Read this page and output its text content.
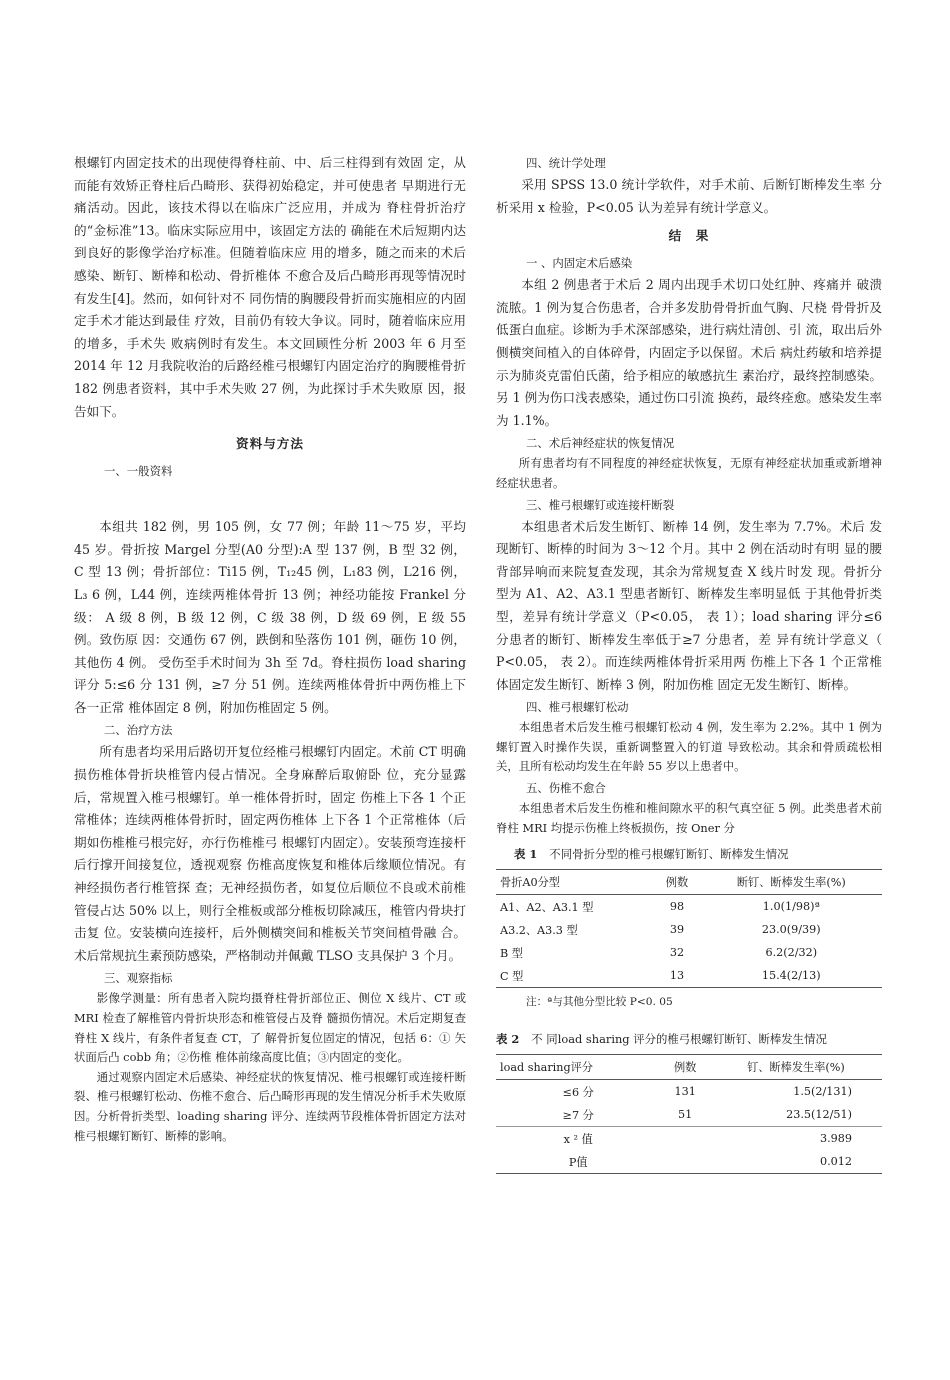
根螺钉内固定技术的出现使得脊柱前、中、后三柱得到有效固 定，从而能有效矫正脊柱后凸畸形、获得初始稳定，并可使患者 早期进行无痛活动。因此，该技术得以在临床广泛应用，并成为 脊柱骨折治疗的“金标准”13。临床实际应用中，该固定方法的 确能在术后短期内达到良好的影像学治疗标准。但随着临床应 用的增多，随之而来的术后感染、断钉、断棒和松动、骨折椎体 不愈合及后凸畸形再现等情况时有发生[4]。然而，如何针对不 同伤情的胸腰段骨折而实施相应的内固定手术才能达到最佳 疗效，目前仍有较大争议。同时，随着临床应用的增多，手术失 败病例时有发生。本文回顾性分析 2003 年 6 月至 2014 年 12 月我院收治的后路经椎弓根螺钉内固定治疗的胸腰椎骨折 182 例患者资料，其中手术失败 27 例，为此探讨手术失败原 因，报告如下。

资料与方法

一、一般资料

本组共 182 例，男 105 例，女 77 例；年龄 11～75 岁，平均 45 岁。骨折按 Margel 分型(A0 分型):A 型 137 例，B 型 32 例， C 型 13 例；骨折部位：Ti15 例，T₁₂45 例，L₁83 例，L216 例，L₃ 6 例，L44 例，连续两椎体骨折 13 例；神经功能按 Frankel 分级： A 级 8 例，B 级 12 例，C 级 38 例，D 级 69 例，E 级 55 例。致伤原 因：交通伤 67 例，跌倒和坠落伤 101 例，砸伤 10 例，其他伤 4 例。 受伤至手术时间为 3h 至 7d。脊柱损伤 load sharing 评分 5:≤6 分 131 例，≥7 分 51 例。连续两椎体骨折中两伤椎上下各一正常 椎体固定 8 例，附加伤椎固定 5 例。

二、治疗方法

所有患者均采用后路切开复位经椎弓根螺钉内固定。术前 CT 明确损伤椎体骨折块椎管内侵占情况。全身麻醉后取俯卧 位，充分显露后，常规置入椎弓根螺钉。单一椎体骨折时，固定 伤椎上下各 1 个正常椎体；连续两椎体骨折时，固定两伤椎体 上下各 1 个正常椎体（后期如伤椎椎弓根完好，亦行伤椎椎弓 根螺钉内固定）。安装预弯连接杆后行撑开间接复位，透视观察 伤椎高度恢复和椎体后缘顺位情况。有神经损伤者行椎管探 查；无神经损伤者，如复位后顺位不良或术前椎管侵占达 50% 以上，则行全椎板或部分椎板切除减压，椎管内骨块打击复 位。安装横向连接杆，后外侧横突间和椎板关节突间植骨融 合。术后常规抗生素预防感染，严格制动并佩戴 TLSO 支具保护 3 个月。

三、观察指标

影像学测量：所有患者入院均摄脊柱骨折部位正、侧位 X 线片、CT 或 MRI 检查了解椎管内骨折块形态和椎管侵占及脊 髓损伤情况。术后定期复查脊柱 X 线片，有条件者复查 CT，了 解骨折复位固定的情况，包括 6：① 矢状面后凸 cobb 角；②伤椎 椎体前缘高度比值；③内固定的变化。

通过观察内固定术后感染、神经症状的恢复情况、椎弓根螺钉或连接杆断裂、椎弓根螺钉松动、伤椎不愈合、后凸畸形再现的发生情况分析手术失败原因。分析骨折类型、loading sharing 评分、连续两节段椎体骨折固定方法对椎弓根螺钉断钉、断棒的影响。

四、统计学处理

采用 SPSS 13.0 统计学软件，对手术前、后断钉断棒发生率 分析采用 x 检验，P<0.05 认为差异有统计学意义。

结　果

一 、内固定术后感染

本组 2 例患者于术后 2 周内出现手术切口处红肿、疼痛并 破溃流脓。1 例为复合伤患者，合并多发肋骨骨折血气胸、尺桡 骨骨折及低蛋白血症。诊断为手术深部感染，进行病灶清创、引 流，取出后外侧横突间植入的自体碎骨，内固定予以保留。术后 病灶药敏和培养提示为肺炎克雷伯氏菌，给予相应的敏感抗生 素治疗，最终控制感染。另 1 例为伤口浅表感染，通过伤口引流 换药，最终痊愈。感染发生率为 1.1%。

二、术后神经症状的恢复情况

所有患者均有不同程度的神经症状恢复，无原有神经症状加重或新增神经症状患者。

三、椎弓根螺钉或连接杆断裂

本组患者术后发生断钉、断棒 14 例，发生率为 7.7%。术后 发现断钉、断棒的时间为 3～12 个月。其中 2 例在活动时有明 显的腰背部异响而来院复查发现，其余为常规复查 X 线片时发 现。骨折分型为 A1、A2、A3.1 型患者断钉、断棒发生率明显低 于其他骨折类型，差异有统计学意义（P<0.05， 表 1）；load sharing 评分≤6 分患者的断钉、断棒发生率低于≥7 分患者，差 异有统计学意义（ P<0.05， 表 2）。而连续两椎体骨折采用两 伤椎上下各 1 个正常椎体固定发生断钉、断棒 3 例，附加伤椎 固定无发生断钉、断棒。

四、椎弓根螺钉松动

本组患者术后发生椎弓根螺钉松动 4 例，发生率为 2.2%。其中 1 例为螺钉置入时操作失误，重新调整置入的钉道 导致松动。其余和骨质疏松相关，且所有松动均发生在年龄 55 岁以上患者中。

五、伤椎不愈合

本组患者术后发生伤椎和椎间隙水平的积气真空征 5 例。此类患者术前脊柱 MRI 均提示伤椎上终板损伤，按 Oner 分

表 1 不同骨折分型的椎弓根螺钉断钉、断棒发生情况

骨折A0分型	例数	断钉、断棒发生率(%)
A1、A2、A3.1 型	98	1.0(1/98)ª
A3.2、A3.3 型	39	23.0(9/39)
B 型	32	6.2(2/32)
C 型	13	15.4(2/13)

注：ª与其他分型比较 P<0. 05

表 2 不 同load sharing 评分的椎弓根螺钉断钉、断棒发生情况

load sharing评分	例数	钉、断棒发生率(%)
≤6 分	131	1.5(2/131)
≥7 分	51	23.5(12/51)
x ² 值		3.989
P值		0.012
